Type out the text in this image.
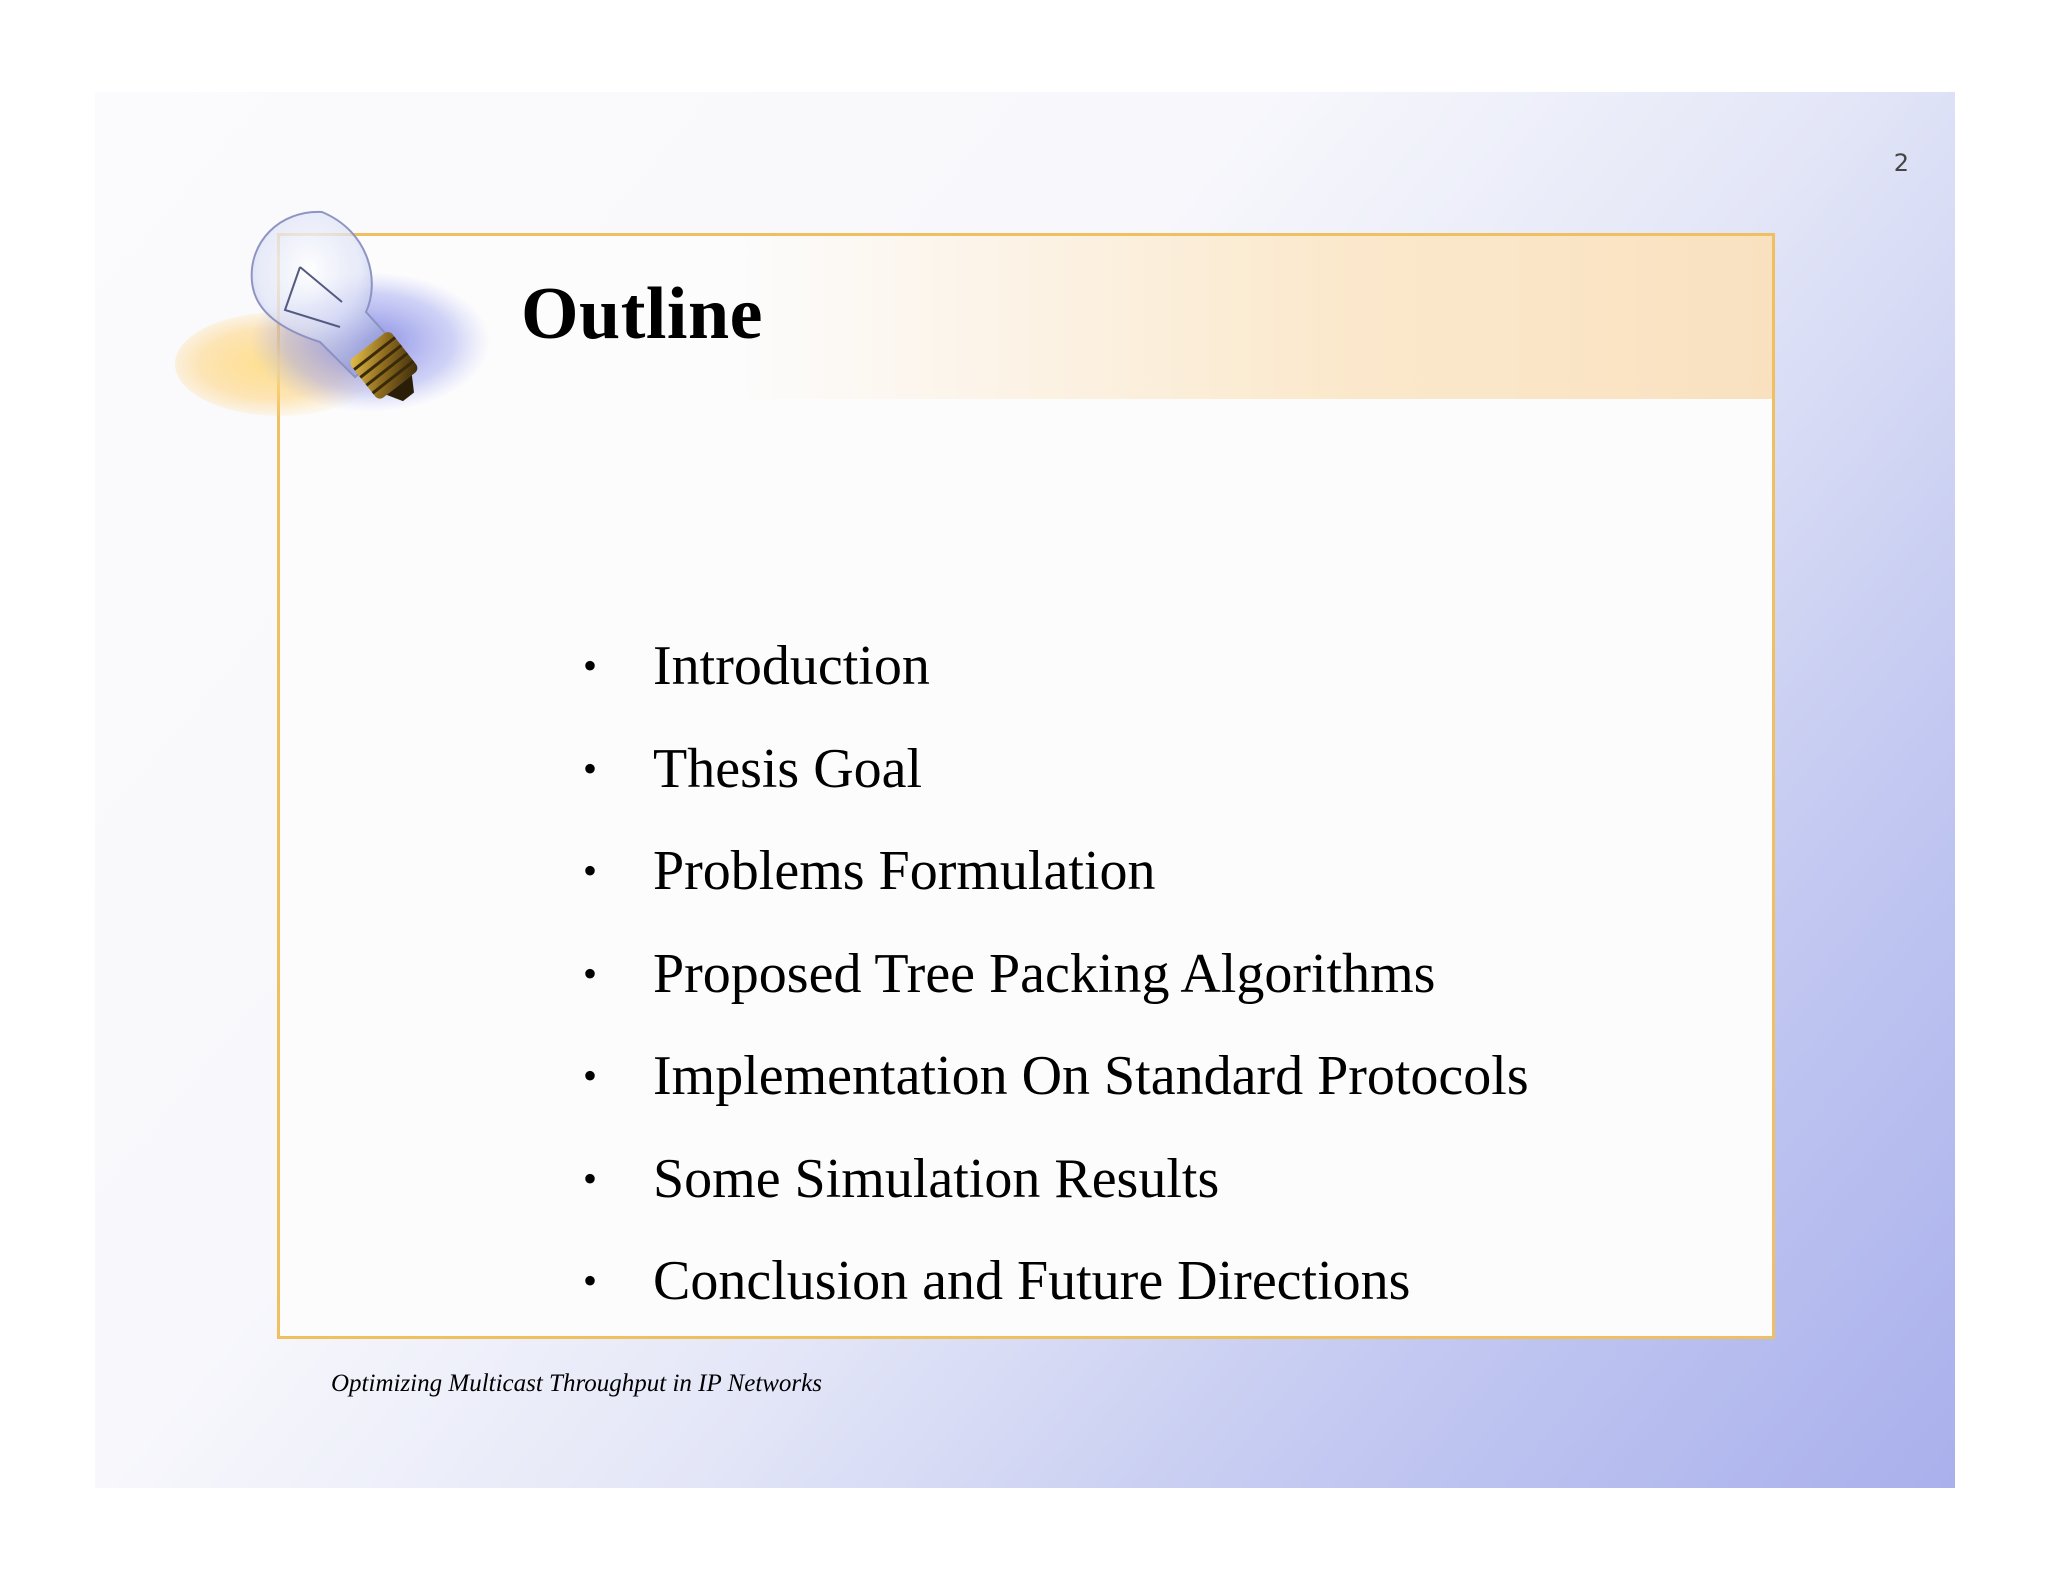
2
Outline
• Introduction
• Thesis Goal
• Problems Formulation
• Proposed Tree Packing Algorithms
• Implementation On Standard Protocols
• Some Simulation Results
• Conclusion and Future Directions
Optimizing Multicast Throughput in IP Networks
